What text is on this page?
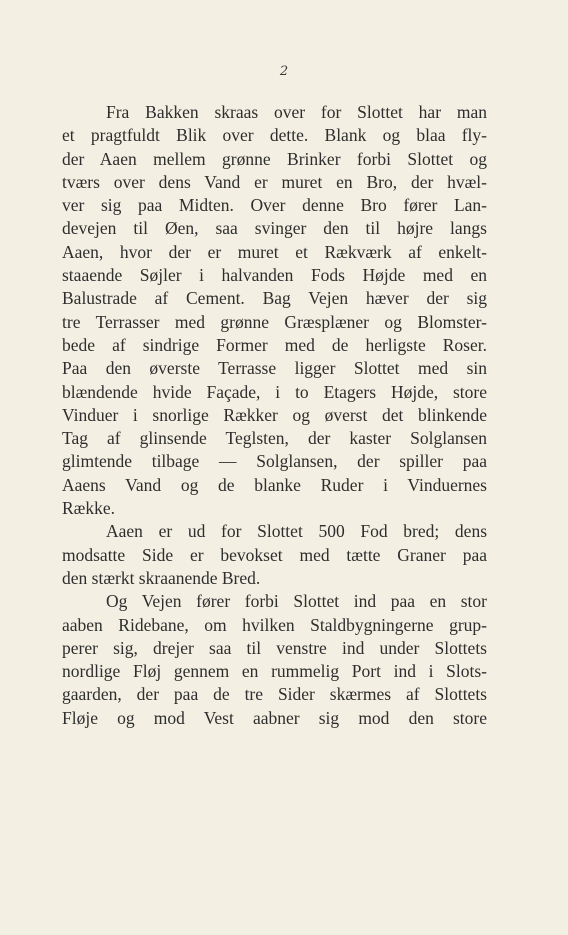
2
Fra Bakken skraas over for Slottet har man
et pragtfuldt Blik over dette. Blank og blaa fly-
der Aaen mellem grønne Brinker forbi Slottet og
tværs over dens Vand er muret en Bro, der hvæl-
ver sig paa Midten. Over denne Bro fører Lan-
devejen til Øen, saa svinger den til højre langs
Aaen, hvor der er muret et Rækværk af enkelt-
staaende Søjler i halvanden Fods Højde med en
Balustrade af Cement. Bag Vejen hæver der sig
tre Terrasser med grønne Græsplæner og Blomster-
bede af sindrige Former med de herligste Roser.
Paa den øverste Terrasse ligger Slottet med sin
blændende hvide Façade, i to Etagers Højde, store
Vinduer i snorlige Rækker og øverst det blinkende
Tag af glinsende Teglsten, der kaster Solglansen
glimtende tilbage — Solglansen, der spiller paa
Aaens Vand og de blanke Ruder i Vinduernes
Række.
Aaen er ud for Slottet 500 Fod bred; dens
modsatte Side er bevokset med tætte Graner paa
den stærkt skraanende Bred.
Og Vejen fører forbi Slottet ind paa en stor
aaben Ridebane, om hvilken Staldbygningerne grup-
perer sig, drejer saa til venstre ind under Slottets
nordlige Fløj gennem en rummelig Port ind i Slots-
gaarden, der paa de tre Sider skærmes af Slottets
Fløje og mod Vest aabner sig mod den store
